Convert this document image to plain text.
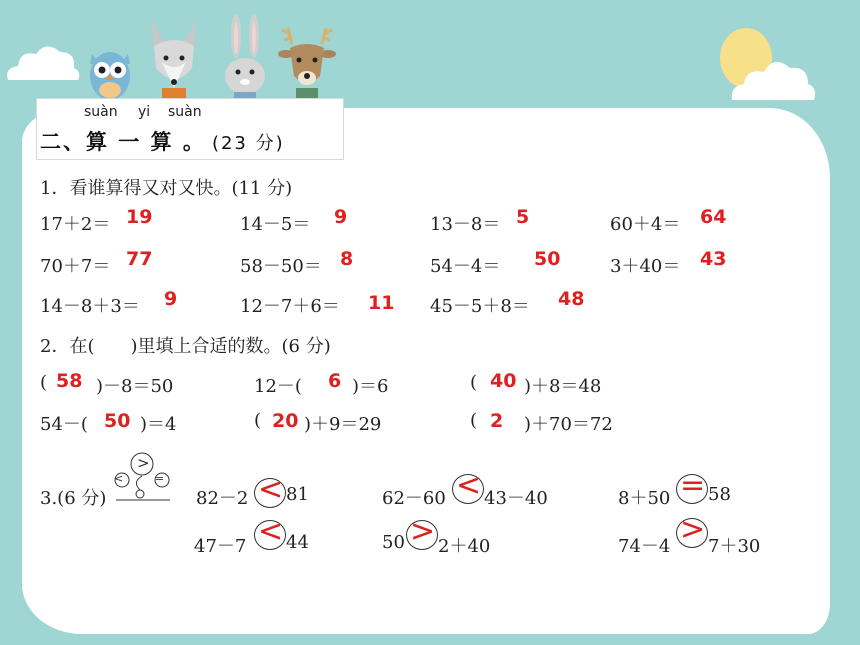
suàn yi suàn
二、算 一 算 。 (23 分)
1．看谁算得又对又快。(11 分)
17＋2＝ 19	14－5＝ 9	13－8＝ 5	60＋4＝ 64
70＋7＝ 77	58－50＝ 8	54－4＝ 50	3＋40＝ 43
14－8＋3＝ 9	12－7＋6＝ 11 45－5＋8＝ 48
2．在(　　)里填上合适的数。(6 分)
( 58 )－8＝50	12－( 6 )＝6	( 40 )＋8＝48
54－( 50 )＝4	( 20 )＋9＝29	( 2 )＋70＝72
3.(6 分)
<
>
=
82－2 < 81	62－60 < 43－40	8＋50 = 58
47－7 < 44	50 > 2＋40	74－4 > 7＋30
